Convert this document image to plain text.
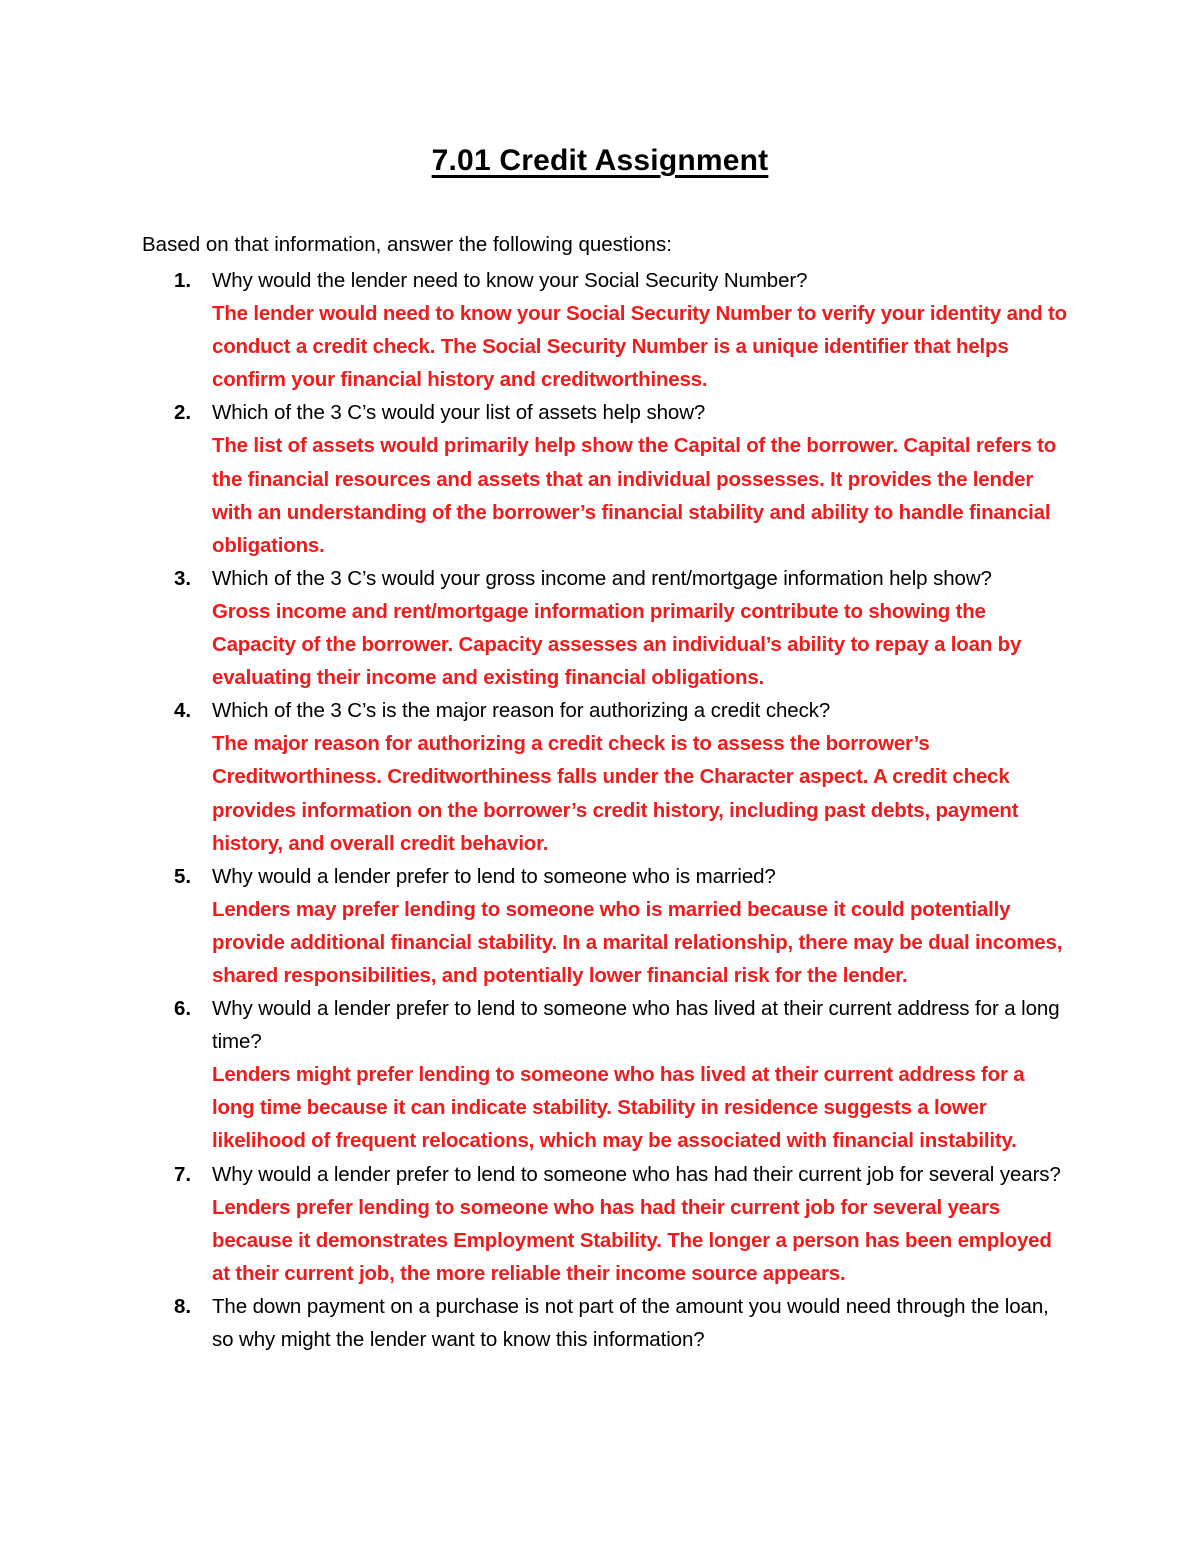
7.01 Credit Assignment
Based on that information, answer the following questions:
1. Why would the lender need to know your Social Security Number?
The lender would need to know your Social Security Number to verify your identity and to conduct a credit check. The Social Security Number is a unique identifier that helps confirm your financial history and creditworthiness.
2. Which of the 3 C’s would your list of assets help show?
The list of assets would primarily help show the Capital of the borrower. Capital refers to the financial resources and assets that an individual possesses. It provides the lender with an understanding of the borrower’s financial stability and ability to handle financial obligations.
3. Which of the 3 C’s would your gross income and rent/mortgage information help show?
Gross income and rent/mortgage information primarily contribute to showing the Capacity of the borrower. Capacity assesses an individual’s ability to repay a loan by evaluating their income and existing financial obligations.
4. Which of the 3 C’s is the major reason for authorizing a credit check?
The major reason for authorizing a credit check is to assess the borrower’s Creditworthiness. Creditworthiness falls under the Character aspect. A credit check provides information on the borrower’s credit history, including past debts, payment history, and overall credit behavior.
5. Why would a lender prefer to lend to someone who is married?
Lenders may prefer lending to someone who is married because it could potentially provide additional financial stability. In a marital relationship, there may be dual incomes, shared responsibilities, and potentially lower financial risk for the lender.
6. Why would a lender prefer to lend to someone who has lived at their current address for a long time?
Lenders might prefer lending to someone who has lived at their current address for a long time because it can indicate stability. Stability in residence suggests a lower likelihood of frequent relocations, which may be associated with financial instability.
7. Why would a lender prefer to lend to someone who has had their current job for several years?
Lenders prefer lending to someone who has had their current job for several years because it demonstrates Employment Stability. The longer a person has been employed at their current job, the more reliable their income source appears.
8. The down payment on a purchase is not part of the amount you would need through the loan, so why might the lender want to know this information?
